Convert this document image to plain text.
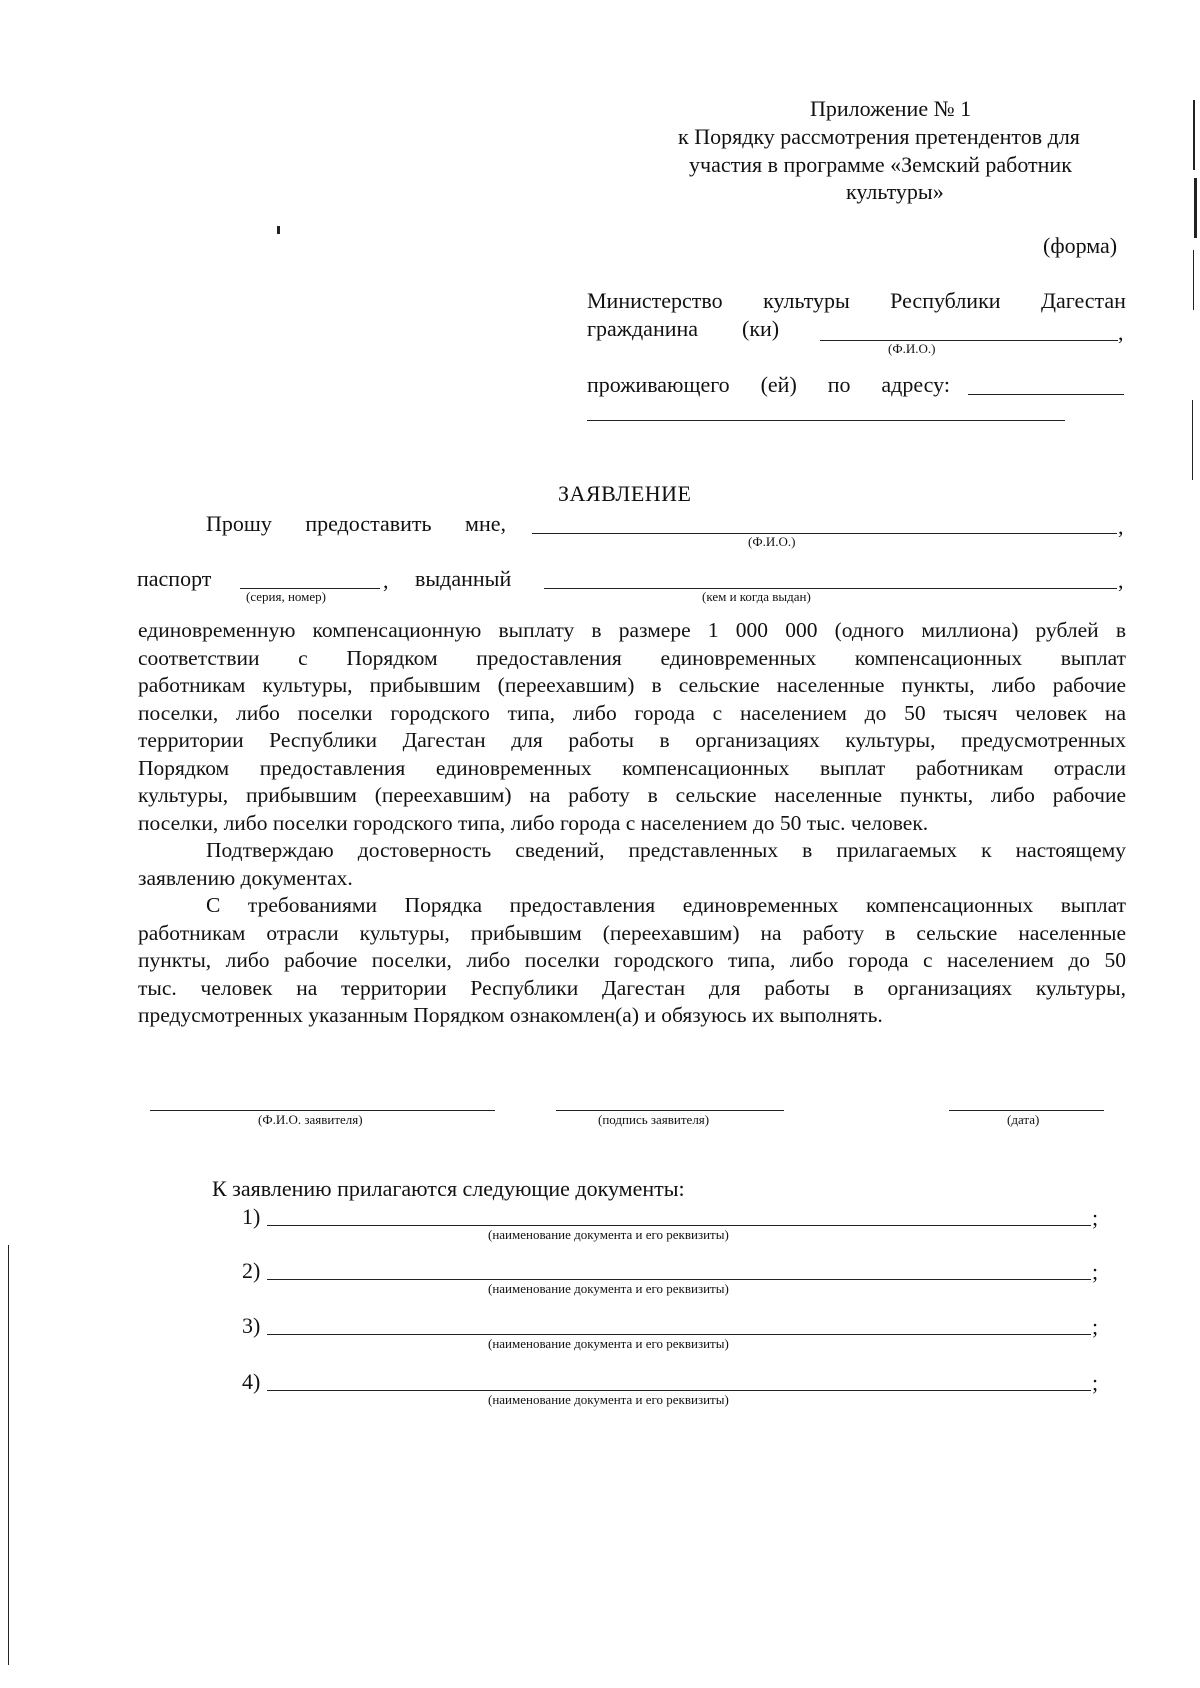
Приложение № 1
к Порядку рассмотрения претендентов для
участия в программе «Земский работник
культуры»
(форма)
Министерство культуры Республики Дагестан
гражданина (ки)	,
(Ф.И.О.)
проживающего (ей) по адресу:
ЗАЯВЛЕНИЕ
Прошу предоставить мне,	,
(Ф.И.О.)
паспорт	, выданный	,
(серия, номер)	(кем и когда выдан)
единовременную компенсационную выплату в размере 1 000 000 (одного миллиона) рублей в
соответствии с Порядком предоставления единовременных компенсационных выплат
работникам культуры, прибывшим (переехавшим) в сельские населенные пункты, либо рабочие
поселки, либо поселки городского типа, либо города с населением до 50 тысяч человек на
территории Республики Дагестан для работы в организациях культуры, предусмотренных
Порядком предоставления единовременных компенсационных выплат работникам отрасли
культуры, прибывшим (переехавшим) на работу в сельские населенные пункты, либо рабочие
поселки, либо поселки городского типа, либо города с населением до 50 тыс. человек.
Подтверждаю достоверность сведений, представленных в прилагаемых к настоящему
заявлению документах.
С требованиями Порядка предоставления единовременных компенсационных выплат
работникам отрасли культуры, прибывшим (переехавшим) на работу в сельские населенные
пункты, либо рабочие поселки, либо поселки городского типа, либо города с населением до 50
тыс. человек на территории Республики Дагестан для работы в организациях культуры,
предусмотренных указанным Порядком ознакомлен(а) и обязуюсь их выполнять.
(Ф.И.О. заявителя)	(подпись заявителя)	(дата)
К заявлению прилагаются следующие документы:
1)	;
(наименование документа и его реквизиты)
2)	;
(наименование документа и его реквизиты)
3)	;
(наименование документа и его реквизиты)
4)	;
(наименование документа и его реквизиты)
